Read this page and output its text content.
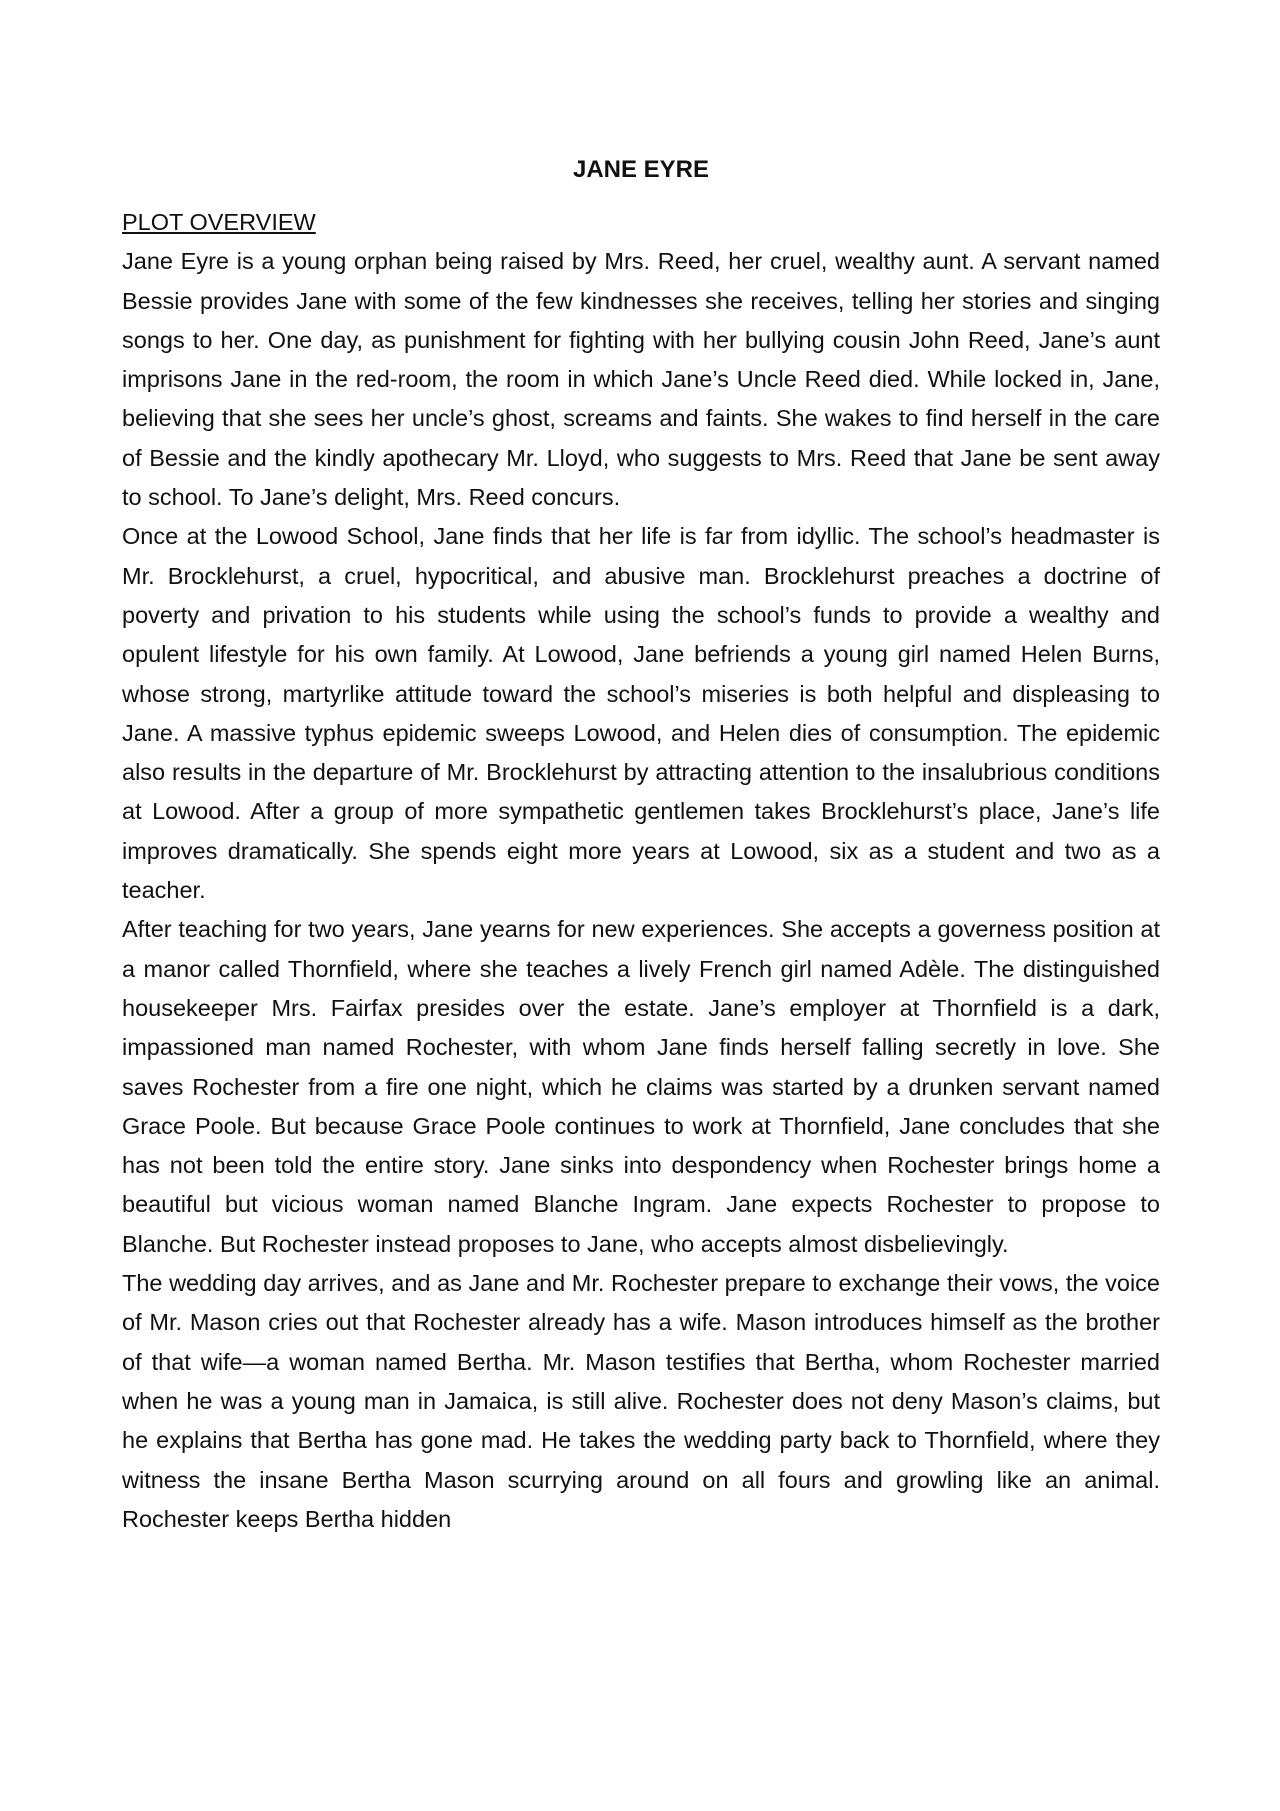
JANE EYRE

PLOT OVERVIEW

Jane Eyre is a young orphan being raised by Mrs. Reed, her cruel, wealthy aunt. A servant named Bessie provides Jane with some of the few kindnesses she receives, telling her stories and singing songs to her. One day, as punishment for fighting with her bullying cousin John Reed, Jane’s aunt imprisons Jane in the red-room, the room in which Jane’s Uncle Reed died. While locked in, Jane, believing that she sees her uncle’s ghost, screams and faints. She wakes to find herself in the care of Bessie and the kindly apothecary Mr. Lloyd, who suggests to Mrs. Reed that Jane be sent away to school. To Jane’s delight, Mrs. Reed concurs.

Once at the Lowood School, Jane finds that her life is far from idyllic. The school’s headmaster is Mr. Brocklehurst, a cruel, hypocritical, and abusive man. Brocklehurst preaches a doctrine of poverty and privation to his students while using the school’s funds to provide a wealthy and opulent lifestyle for his own family. At Lowood, Jane befriends a young girl named Helen Burns, whose strong, martyrlike attitude toward the school’s miseries is both helpful and displeasing to Jane. A massive typhus epidemic sweeps Lowood, and Helen dies of consumption. The epidemic also results in the departure of Mr. Brocklehurst by attracting attention to the insalubrious conditions at Lowood. After a group of more sympathetic gentlemen takes Brocklehurst’s place, Jane’s life improves dramatically. She spends eight more years at Lowood, six as a student and two as a teacher.

After teaching for two years, Jane yearns for new experiences. She accepts a governess position at a manor called Thornfield, where she teaches a lively French girl named Adèle. The distinguished housekeeper Mrs. Fairfax presides over the estate. Jane’s employer at Thornfield is a dark, impassioned man named Rochester, with whom Jane finds herself falling secretly in love. She saves Rochester from a fire one night, which he claims was started by a drunken servant named Grace Poole. But because Grace Poole continues to work at Thornfield, Jane concludes that she has not been told the entire story. Jane sinks into despondency when Rochester brings home a beautiful but vicious woman named Blanche Ingram. Jane expects Rochester to propose to Blanche. But Rochester instead proposes to Jane, who accepts almost disbelievingly.

The wedding day arrives, and as Jane and Mr. Rochester prepare to exchange their vows, the voice of Mr. Mason cries out that Rochester already has a wife. Mason introduces himself as the brother of that wife—a woman named Bertha. Mr. Mason testifies that Bertha, whom Rochester married when he was a young man in Jamaica, is still alive. Rochester does not deny Mason’s claims, but he explains that Bertha has gone mad. He takes the wedding party back to Thornfield, where they witness the insane Bertha Mason scurrying around on all fours and growling like an animal. Rochester keeps Bertha hidden
